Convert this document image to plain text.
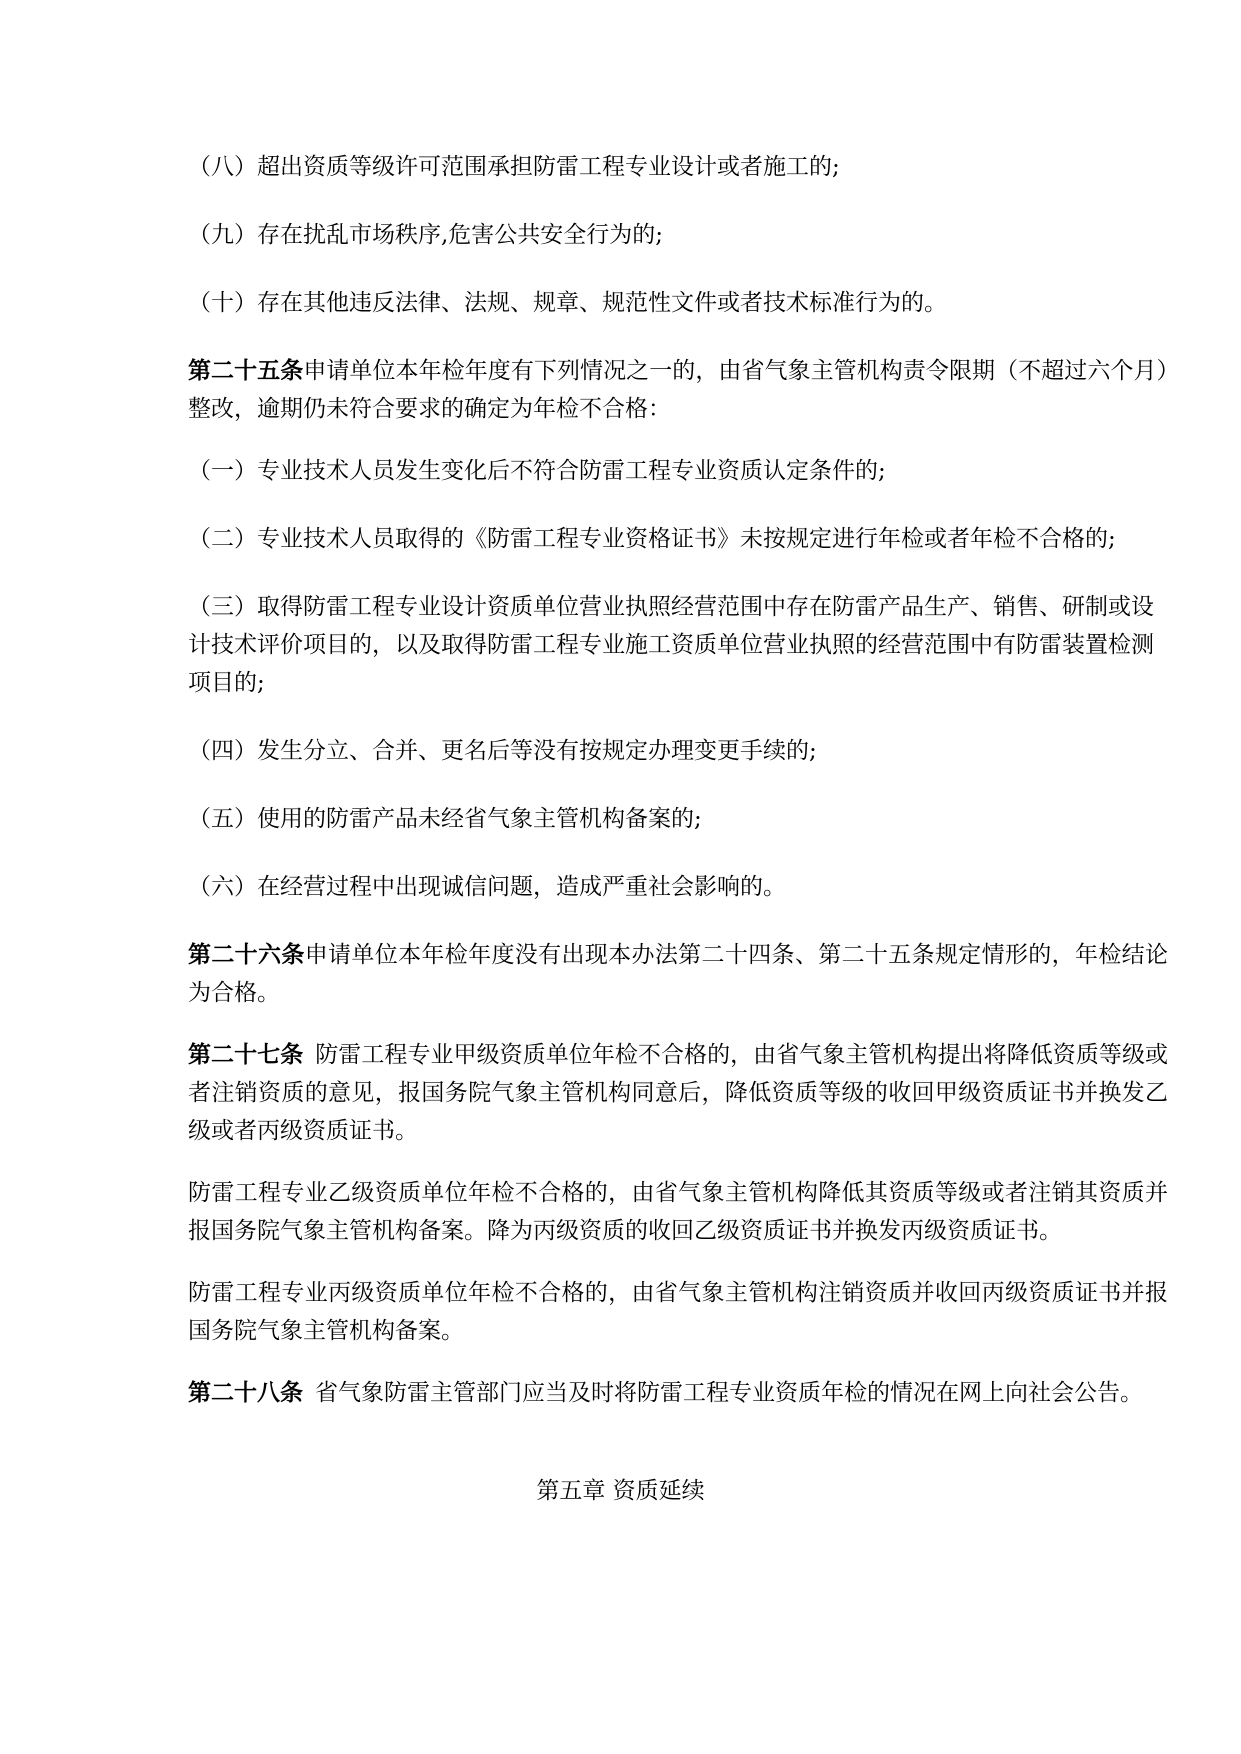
（八）超出资质等级许可范围承担防雷工程专业设计或者施工的;

（九）存在扰乱市场秩序,危害公共安全行为的;

（十）存在其他违反法律、法规、规章、规范性文件或者技术标准行为的。

第二十五条申请单位本年检年度有下列情况之一的，由省气象主管机构责令限期（不超过六个月）整改，逾期仍未符合要求的确定为年检不合格：

（一）专业技术人员发生变化后不符合防雷工程专业资质认定条件的;

（二）专业技术人员取得的《防雷工程专业资格证书》未按规定进行年检或者年检不合格的;

（三）取得防雷工程专业设计资质单位营业执照经营范围中存在防雷产品生产、销售、研制或设计技术评价项目的，以及取得防雷工程专业施工资质单位营业执照的经营范围中有防雷装置检测项目的;

（四）发生分立、合并、更名后等没有按规定办理变更手续的;

（五）使用的防雷产品未经省气象主管机构备案的;

（六）在经营过程中出现诚信问题，造成严重社会影响的。

第二十六条申请单位本年检年度没有出现本办法第二十四条、第二十五条规定情形的，年检结论为合格。

第二十七条 防雷工程专业甲级资质单位年检不合格的，由省气象主管机构提出将降低资质等级或者注销资质的意见，报国务院气象主管机构同意后，降低资质等级的收回甲级资质证书并换发乙级或者丙级资质证书。

防雷工程专业乙级资质单位年检不合格的，由省气象主管机构降低其资质等级或者注销其资质并报国务院气象主管机构备案。降为丙级资质的收回乙级资质证书并换发丙级资质证书。

防雷工程专业丙级资质单位年检不合格的，由省气象主管机构注销资质并收回丙级资质证书并报国务院气象主管机构备案。

第二十八条 省气象防雷主管部门应当及时将防雷工程专业资质年检的情况在网上向社会公告。

第五章 资质延续
